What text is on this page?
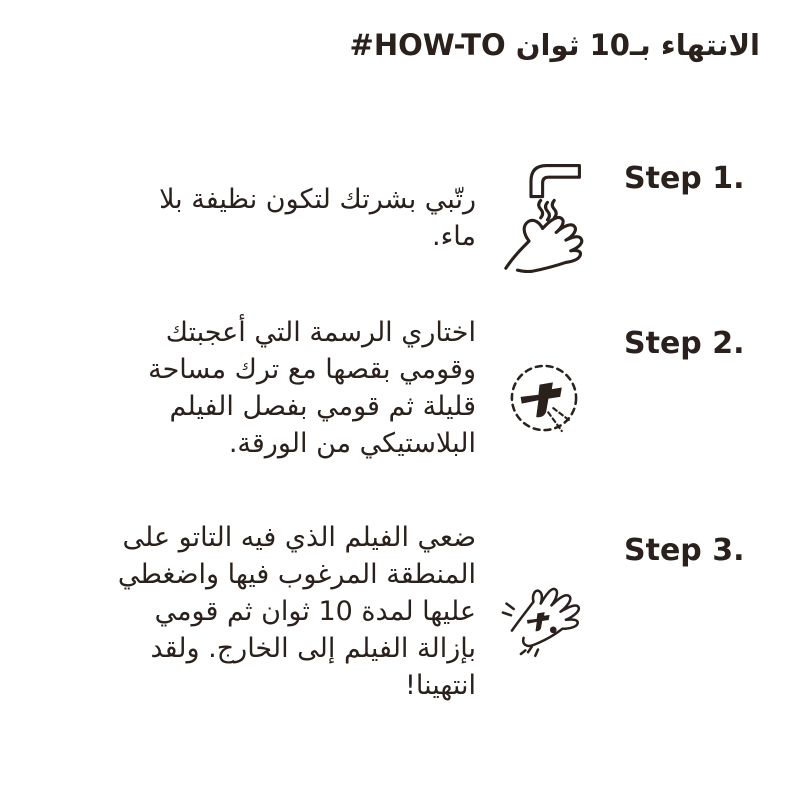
#HOW-TO الانتهاء بـ10 ثوان
Step 1.
رتّبي بشرتك لتكون نظيفة بلا
ماء.
Step 2.
اختاري الرسمة التي أعجبتك
وقومي بقصها مع ترك مساحة
قليلة ثم قومي بفصل الفيلم
البلاستيكي من الورقة.
Step 3.
ضعي الفيلم الذي فيه التاتو على
المنطقة المرغوب فيها واضغطي
عليها لمدة 10 ثوان ثم قومي
بإزالة الفيلم إلى الخارج. ولقد
انتهينا!
